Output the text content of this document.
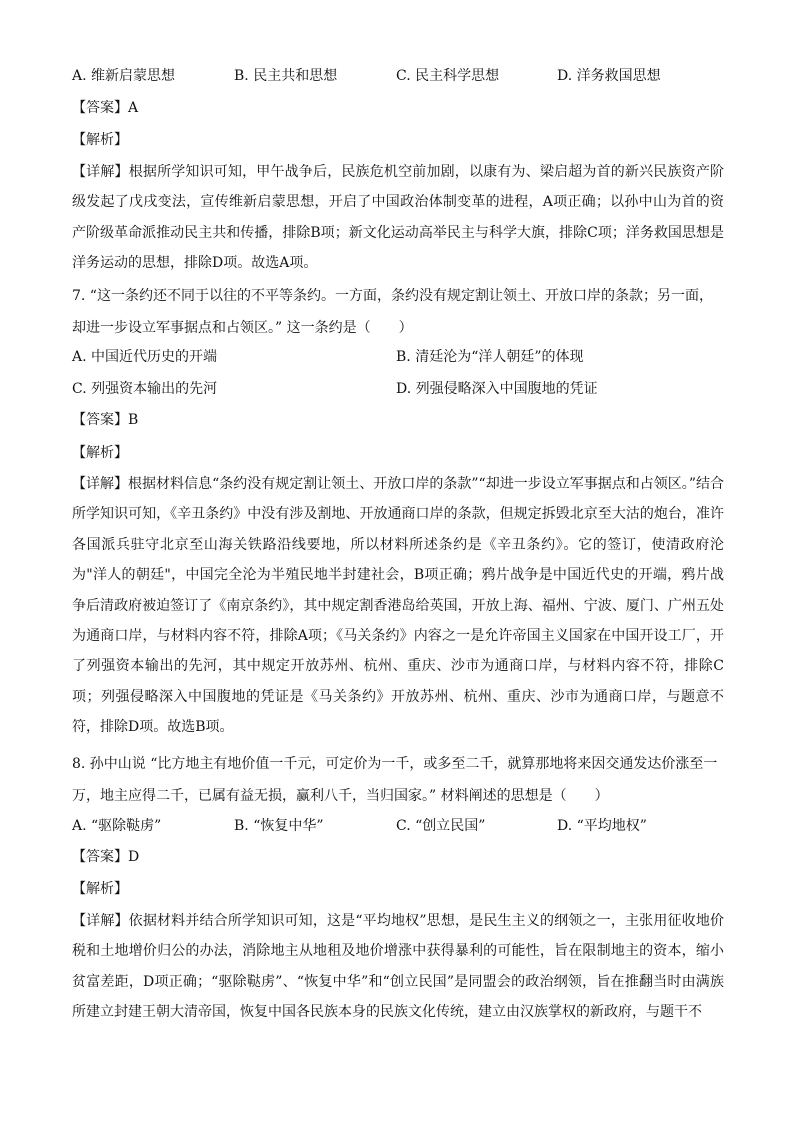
A. 维新启蒙思想	B. 民主共和思想	C. 民主科学思想	D. 洋务救国思想
【答案】A
【解析】
【详解】根据所学知识可知，甲午战争后，民族危机空前加剧，以康有为、梁启超为首的新兴民族资产阶级发起了戊戌变法，宣传维新启蒙思想，开启了中国政治体制变革的进程，A项正确；以孙中山为首的资产阶级革命派推动民主共和传播，排除B项；新文化运动高举民主与科学大旗，排除C项；洋务救国思想是洋务运动的思想，排除D项。故选A项。
7. “这一条约还不同于以往的不平等条约。一方面，条约没有规定割让领土、开放口岸的条款；另一面，却进一步设立军事据点和占领区。” 这一条约是（　　）
A. 中国近代历史的开端	B. 清廷沦为“洋人朝廷”的体现
C. 列强资本输出的先河	D. 列强侵略深入中国腹地的凭证
【答案】B
【解析】
【详解】根据材料信息“条约没有规定割让领土、开放口岸的条款”“却进一步设立军事据点和占领区。”结合所学知识可知，《辛丑条约》中没有涉及割地、开放通商口岸的条款，但规定拆毁北京至大沽的炮台，准许各国派兵驻守北京至山海关铁路沿线要地，所以材料所述条约是《辛丑条约》。它的签订，使清政府沦为"洋人的朝廷"，中国完全沦为半殖民地半封建社会，B项正确；鸦片战争是中国近代史的开端，鸦片战争后清政府被迫签订了《南京条约》，其中规定割香港岛给英国，开放上海、福州、宁波、厦门、广州五处为通商口岸，与材料内容不符，排除A项；《马关条约》内容之一是允许帝国主义国家在中国开设工厂，开了列强资本输出的先河，其中规定开放苏州、杭州、重庆、沙市为通商口岸，与材料内容不符，排除C项；列强侵略深入中国腹地的凭证是《马关条约》开放苏州、杭州、重庆、沙市为通商口岸，与题意不符，排除D项。故选B项。
8. 孙中山说 “比方地主有地价值一千元，可定价为一千，或多至二千，就算那地将来因交通发达价涨至一万，地主应得二千，已属有益无损，赢利八千，当归国家。” 材料阐述的思想是（　　）
A. “驱除鞑虏”	B. “恢复中华”	C. “创立民国”	D. “平均地权”
【答案】D
【解析】
【详解】依据材料并结合所学知识可知，这是“平均地权”思想，是民生主义的纲领之一，主张用征收地价税和土地增价归公的办法，消除地主从地租及地价增涨中获得暴利的可能性，旨在限制地主的资本，缩小贫富差距，D项正确；“驱除鞑虏”、“恢复中华”和“创立民国”是同盟会的政治纲领，旨在推翻当时由满族所建立封建王朝大清帝国，恢复中国各民族本身的民族文化传统，建立由汉族掌权的新政府，与题干不
